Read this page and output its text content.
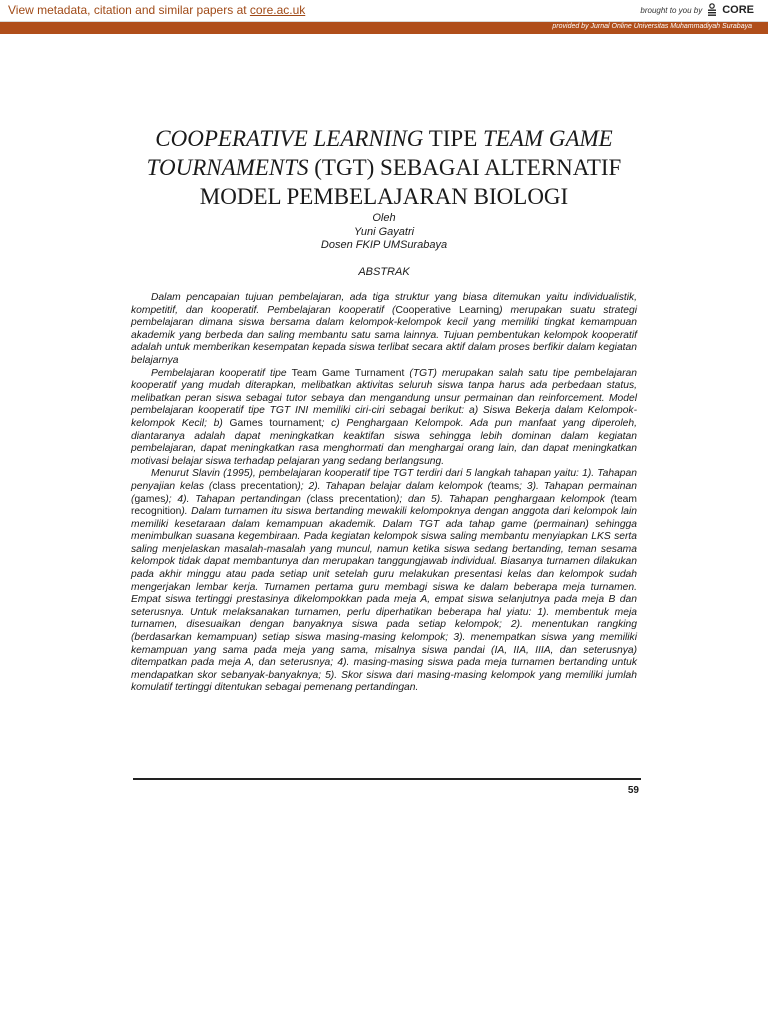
View metadata, citation and similar papers at core.ac.uk	brought to you by CORE
provided by Jurnal Online Universitas Muhammadiyah Surabaya
COOPERATIVE LEARNING TIPE TEAM GAME
TOURNAMENTS (TGT) SEBAGAI ALTERNATIF
MODEL PEMBELAJARAN BIOLOGI
Oleh
Yuni Gayatri
Dosen FKIP UMSurabaya
ABSTRAK

Dalam pencapaian tujuan pembelajaran, ada tiga struktur yang biasa ditemukan yaitu individualistik, kompetitif, dan kooperatif. Pembelajaran kooperatif (Cooperative Learning) merupakan suatu strategi pembelajaran dimana siswa bersama dalam kelompok-kelompok kecil yang memiliki tingkat kemampuan akademik yang berbeda dan saling membantu satu sama lainnya. Tujuan pembentukan kelompok kooperatif adalah untuk memberikan kesempatan kepada siswa terlibat secara aktif dalam proses berfikir dalam kegiatan belajarnya

Pembelajaran kooperatif tipe Team Game Turnament (TGT) merupakan salah satu tipe pembelajaran kooperatif yang mudah diterapkan, melibatkan aktivitas seluruh siswa tanpa harus ada perbedaan status, melibatkan peran siswa sebagai tutor sebaya dan mengandung unsur permainan dan reinforcement. Model pembelajaran kooperatif tipe TGT INI memiliki ciri-ciri sebagai berikut: a) Siswa Bekerja dalam Kelompok-kelompok Kecil; b) Games tournament; c) Penghargaan Kelompok. Ada pun manfaat yang diperoleh, diantaranya adalah dapat meningkatkan keaktifan siswa sehingga lebih dominan dalam kegiatan pembelajaran, dapat meningkatkan rasa menghormati dan menghargai orang lain, dan dapat meningkatkan motivasi belajar siswa terhadap pelajaran yang sedang berlangsung.

Menurut Slavin (1995), pembelajaran kooperatif tipe TGT terdiri dari 5 langkah tahapan yaitu: 1). Tahapan penyajian kelas (class precentation); 2). Tahapan belajar dalam kelompok (teams; 3). Tahapan permainan (games); 4). Tahapan pertandingan (class precentation); dan 5). Tahapan penghargaan kelompok (team recognition). Dalam turnamen itu siswa bertanding mewakili kelompoknya dengan anggota dari kelompok lain memiliki kesetaraan dalam kemampuan akademik. Dalam TGT ada tahap game (permainan) sehingga menimbulkan suasana kegembiraan. Pada kegiatan kelompok siswa saling membantu menyiapkan LKS serta saling menjelaskan masalah-masalah yang muncul, namun ketika siswa sedang bertanding, teman sesama kelompok tidak dapat membantunya dan merupakan tanggungjawab individual. Biasanya turnamen dilakukan pada akhir minggu atau pada setiap unit setelah guru melakukan presentasi kelas dan kelompok sudah mengerjakan lembar kerja. Turnamen pertama guru membagi siswa ke dalam beberapa meja turnamen. Empat siswa tertinggi prestasinya dikelompokkan pada meja A, empat siswa selanjutnya pada meja B dan seterusnya. Untuk melaksanakan turnamen, perlu diperhatikan beberapa hal yiatu: 1). membentuk meja turnamen, disesuaikan dengan banyaknya siswa pada setiap kelompok; 2). menentukan rangking (berdasarkan kemampuan) setiap siswa masing-masing kelompok; 3). menempatkan siswa yang memiliki kemampuan yang sama pada meja yang sama, misalnya siswa pandai (IA, IIA, IIIA, dan seterusnya) ditempatkan pada meja A, dan seterusnya; 4). masing-masing siswa pada meja turnamen bertanding untuk mendapatkan skor sebanyak-banyaknya; 5). Skor siswa dari masing-masing kelompok yang memiliki jumlah komulatif tertinggi ditentukan sebagai pemenang pertandingan.

59
